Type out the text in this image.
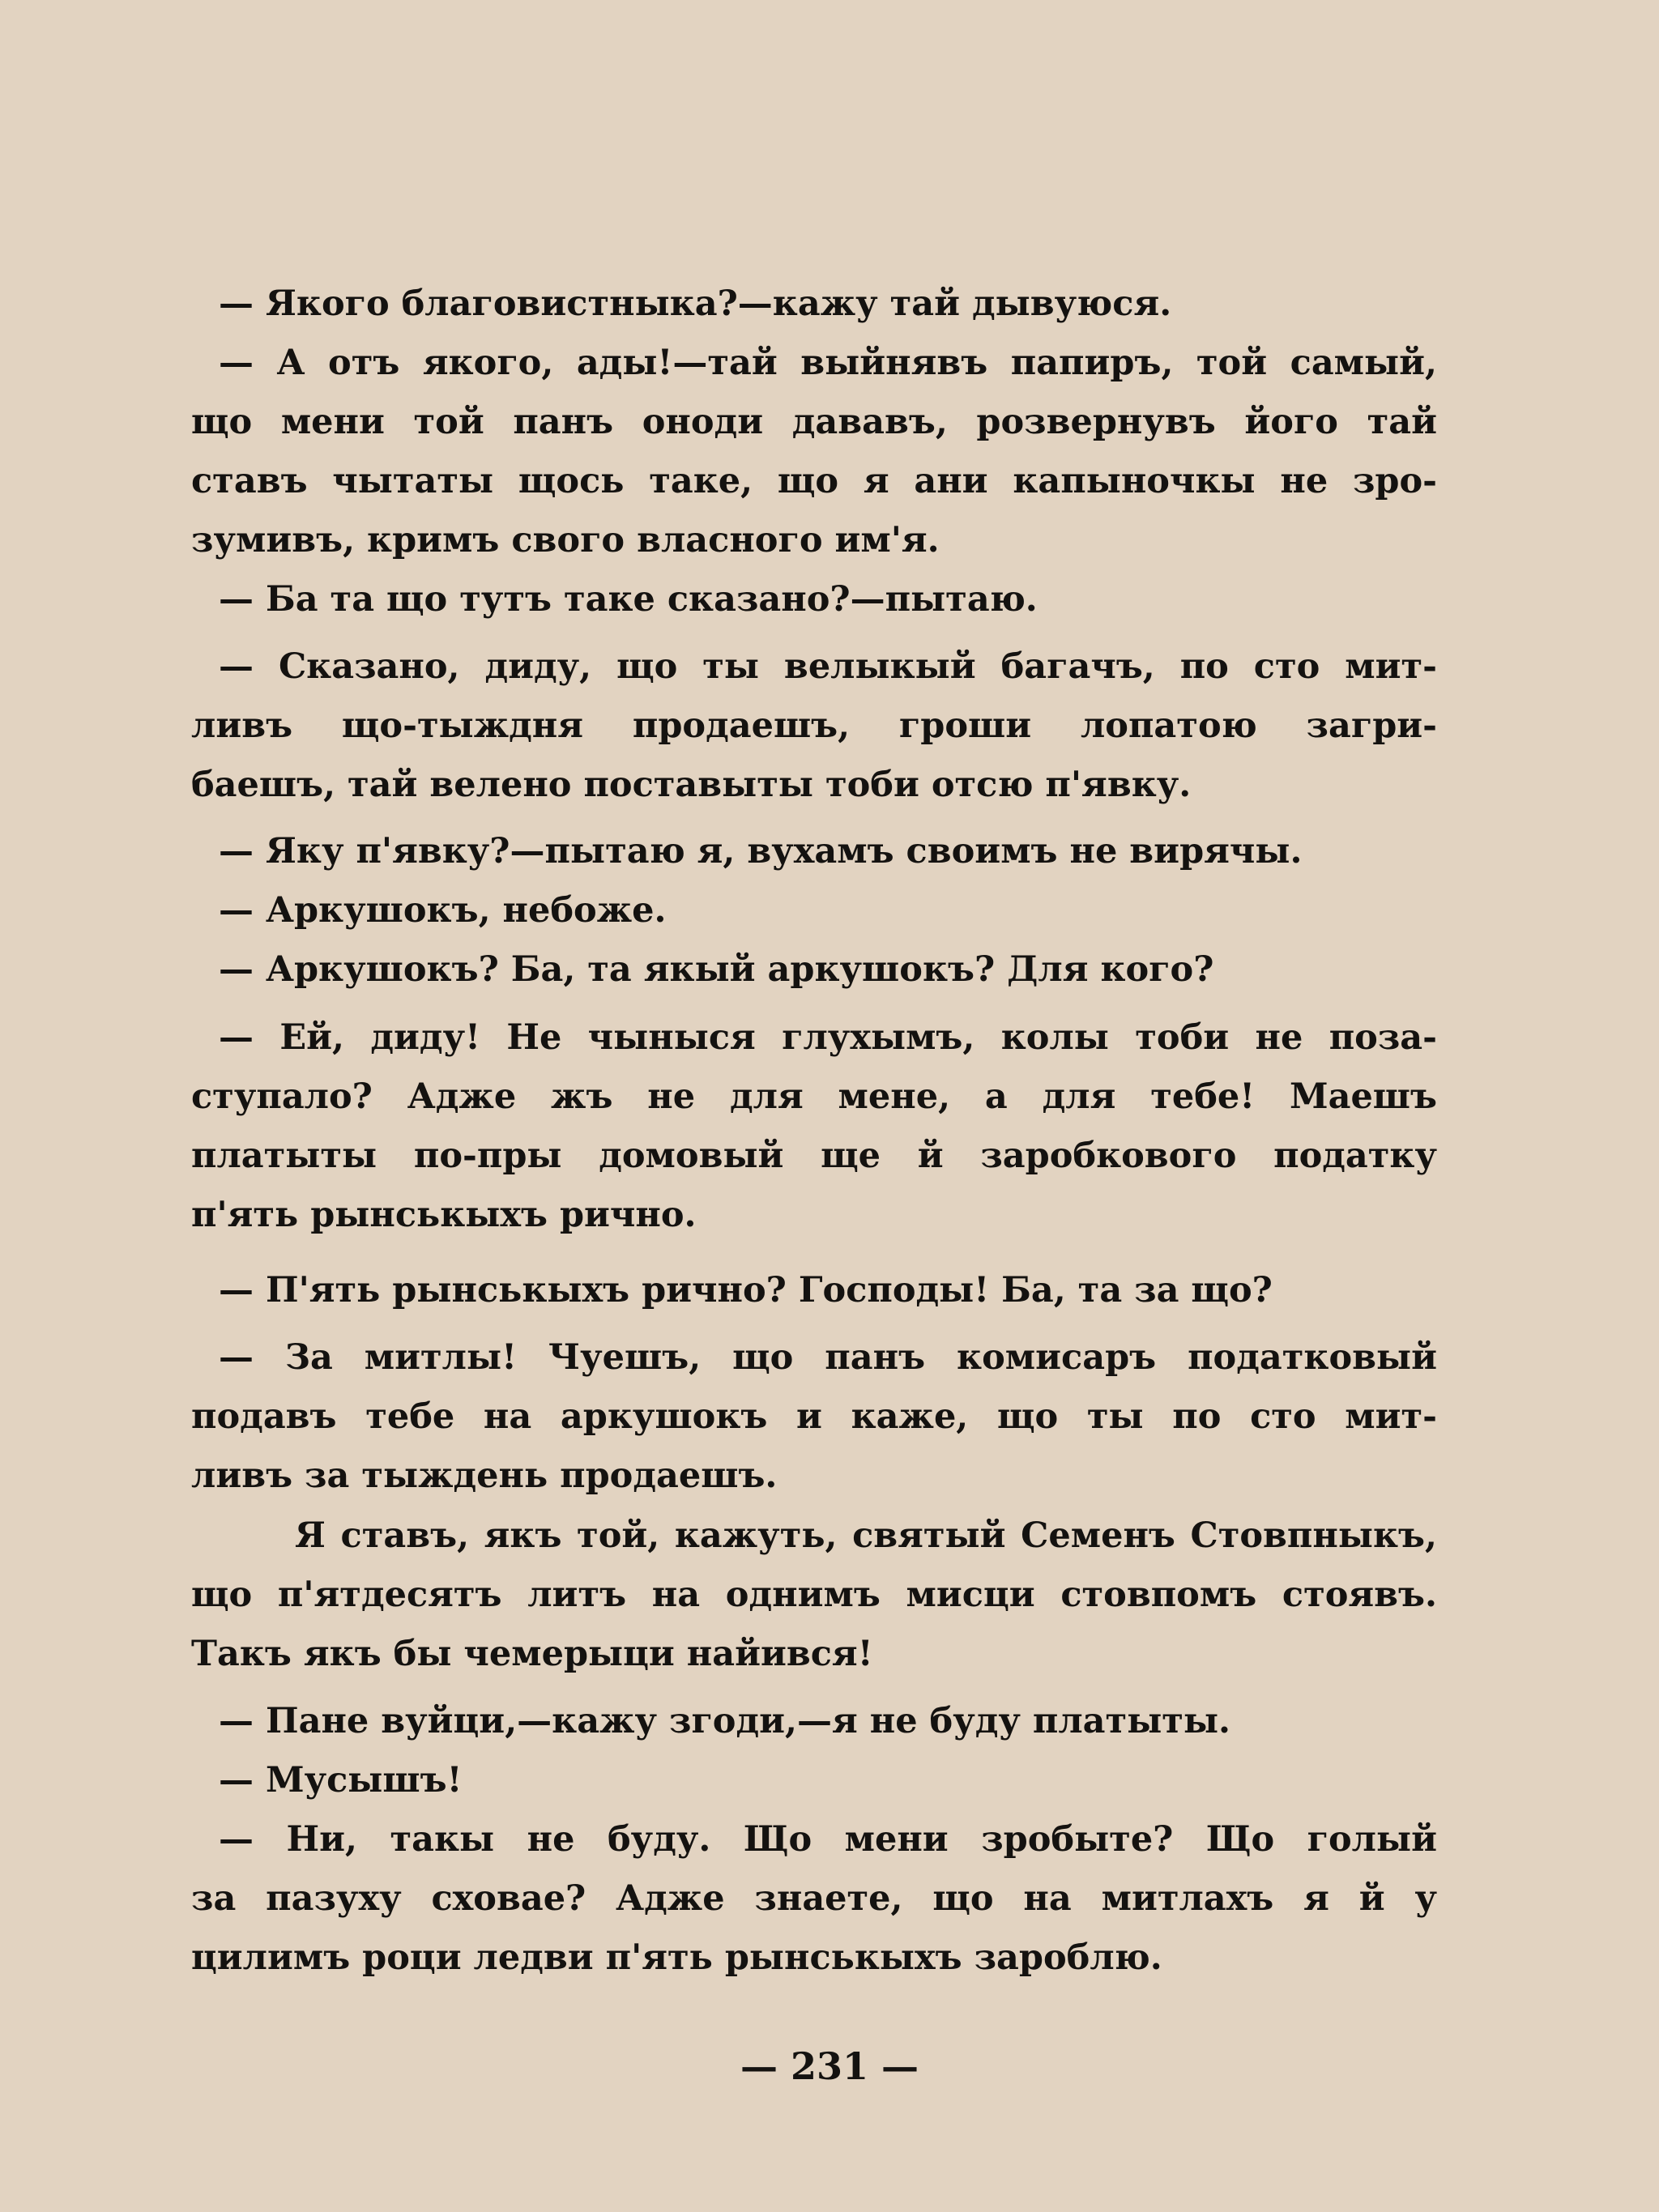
— Якого благовистныка?—кажу тай дывуюся.
— А отъ якого, ады!—тай выйнявъ папиръ, той самый,
що мени той панъ оноди дававъ, розвернувъ його тай
ставъ чытаты щось таке, що я ани капыночкы не зро-
зумивъ, кримъ свого власного им'я.
— Ба та що тутъ таке сказано?—пытаю.
— Сказано, диду, що ты велыкый багачъ, по сто мит-
ливъ що-тыждня продаешъ, гроши лопатою загри-
баешъ, тай велено поставыты тоби отсю п'явку.
— Яку п'явку?—пытаю я, вухамъ своимъ не вирячы.
— Аркушокъ, небоже.
— Аркушокъ? Ба, та якый аркушокъ? Для кого?
— Ей, диду! Не чыныся глухымъ, колы тоби не поза-
ступало? Адже жъ не для мене, а для тебе! Маешъ
платыты по-пры домовый ще й заробкового податку
п'ять рынськыхъ рично.
— П'ять рынськыхъ рично? Господы! Ба, та за що?
— За митлы! Чуешъ, що панъ комисаръ податковый
подавъ тебе на аркушокъ и каже, що ты по сто мит-
ливъ за тыждень продаешъ.
Я ставъ, якъ той, кажуть, святый Семенъ Стовпныкъ,
що п'ятдесятъ литъ на однимъ мисци стовпомъ стоявъ.
Такъ якъ бы чемерыци найився!
— Пане вуйци,—кажу згоди,—я не буду платыты.
— Мусышъ!
— Ни, такы не буду. Що мени зробыте? Що голый
за пазуху сховае? Адже знаете, що на митлахъ я й у
цилимъ роци ледви п'ять рынськыхъ зароблю.
— 231 —
